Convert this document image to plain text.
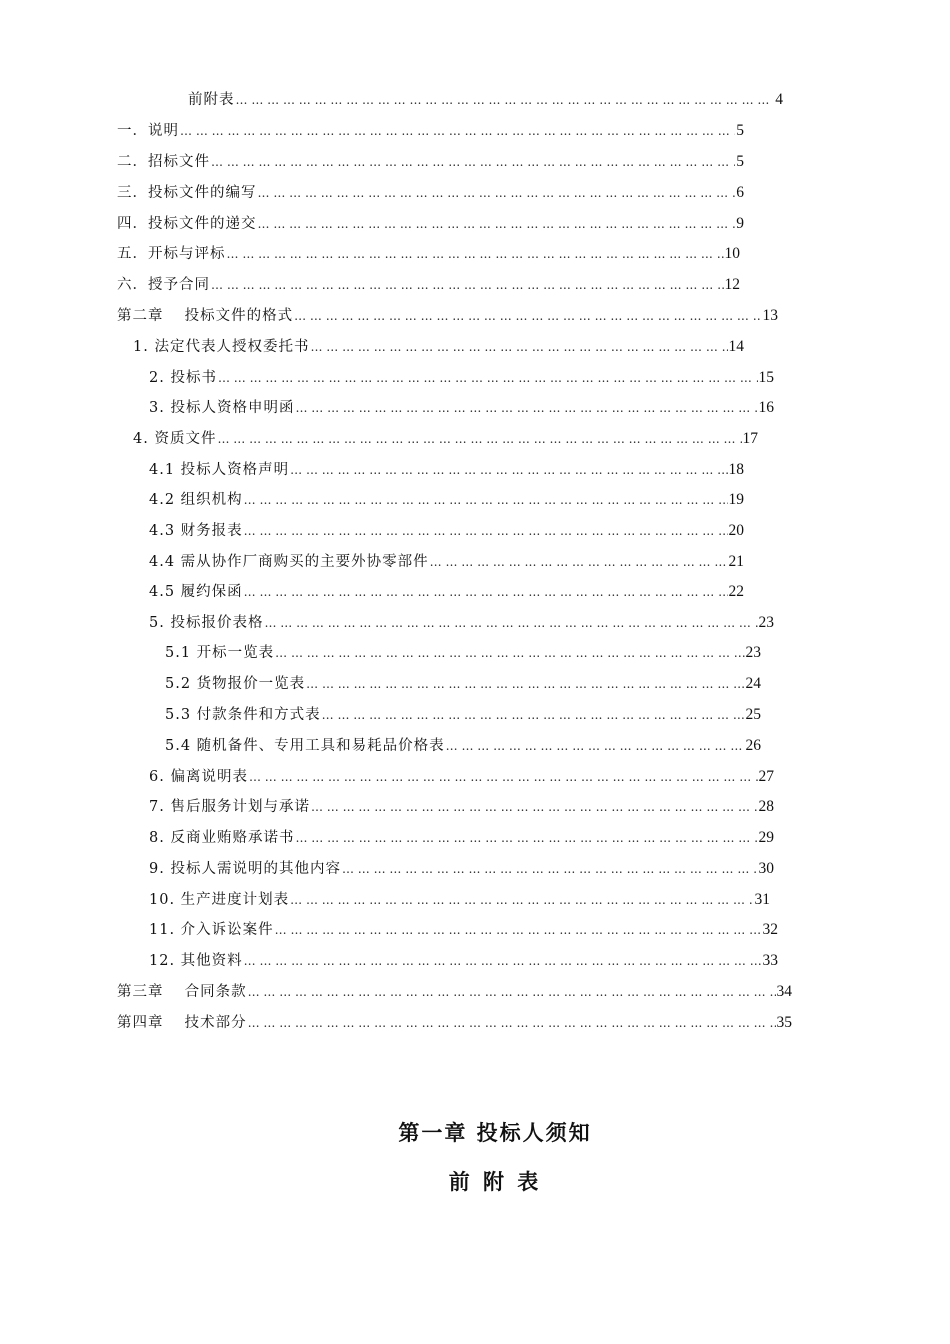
前附表 … … … … … … … … … … … … … … … … … … … … … … … … … … … … … … … … … … … … … … … … … … … … … … … … … … … … … … … … … … … … … … … … … … … … … … … … … … … … … … … … … … … … … … …	4
一．说明 … … … … … … … … … … … … … … … … … … … … … … … … … … … … … … … … … … … … … … … … … … … … … … … … … … … … … … … … … … … … … … … … … … … … … … … … … … … … … … … … … … … … … … …	5
二．招标文件 … … … … … … … … … … … … … … … … … … … … … … … … … … … … … … … … … … … … … … … … … … … … … … … … … … … … … … … … … … … … … … … … … … … … … … … … … … … … … … … … … … … … … … …	5
三．投标文件的编写 … … … … … … … … … … … … … … … … … … … … … … … … … … … … … … … … … … … … … … … … … … … … … … … … … … … … … … … … … … … … … … … … … … … … … … … … … … … … … … … … … … … … … … …	6
四．投标文件的递交 … … … … … … … … … … … … … … … … … … … … … … … … … … … … … … … … … … … … … … … … … … … … … … … … … … … … … … … … … … … … … … … … … … … … … … … … … … … … … … … … … … … … … … …	9
五．开标与评标 … … … … … … … … … … … … … … … … … … … … … … … … … … … … … … … … … … … … … … … … … … … … … … … … … … … … … … … … … … … … … … … … … … … … … … … … … … … … … … … … … … … … … … …	10
六．授予合同 … … … … … … … … … … … … … … … … … … … … … … … … … … … … … … … … … … … … … … … … … … … … … … … … … … … … … … … … … … … … … … … … … … … … … … … … … … … … … … … … … … … … … … …	12
第二章　 投标文件的格式 … … … … … … … … … … … … … … … … … … … … … … … … … … … … … … … … … … … … … … … … … … … … … … … … … … … … … … … … … … … … … … … … … … … … … … … … … … … … … … … … … … … … … … …	13
1. 法定代表人授权委托书 … … … … … … … … … … … … … … … … … … … … … … … … … … … … … … … … … … … … … … … … … … … … … … … … … … … … … … … … … … … … … … … … … … … … … … … … … … … … … … … … … … … … … … …	14
2. 投标书 … … … … … … … … … … … … … … … … … … … … … … … … … … … … … … … … … … … … … … … … … … … … … … … … … … … … … … … … … … … … … … … … … … … … … … … … … … … … … … … … … … … … … … …	15
3. 投标人资格申明函 … … … … … … … … … … … … … … … … … … … … … … … … … … … … … … … … … … … … … … … … … … … … … … … … … … … … … … … … … … … … … … … … … … … … … … … … … … … … … … … … … … … … … … …	16
4. 资质文件 … … … … … … … … … … … … … … … … … … … … … … … … … … … … … … … … … … … … … … … … … … … … … … … … … … … … … … … … … … … … … … … … … … … … … … … … … … … … … … … … … … … … … … …	17
4.1 投标人资格声明 … … … … … … … … … … … … … … … … … … … … … … … … … … … … … … … … … … … … … … … … … … … … … … … … … … … … … … … … … … … … … … … … … … … … … … … … … … … … … … … … … … … … … … …	18
4.2 组织机构 … … … … … … … … … … … … … … … … … … … … … … … … … … … … … … … … … … … … … … … … … … … … … … … … … … … … … … … … … … … … … … … … … … … … … … … … … … … … … … … … … … … … … … …	19
4.3 财务报表 … … … … … … … … … … … … … … … … … … … … … … … … … … … … … … … … … … … … … … … … … … … … … … … … … … … … … … … … … … … … … … … … … … … … … … … … … … … … … … … … … … … … … … …	20
4.4 需从协作厂商购买的主要外协零部件 … … … … … … … … … … … … … … … … … … … … … … … … … … … … … … … … … … … … … … … … … … … … … … … … … … … … … … … … … … … … … … … … … … … … … … … … … … … … … … … … … … … … … … …	21
4.5 履约保函 … … … … … … … … … … … … … … … … … … … … … … … … … … … … … … … … … … … … … … … … … … … … … … … … … … … … … … … … … … … … … … … … … … … … … … … … … … … … … … … … … … … … … … …	22
5. 投标报价表格 … … … … … … … … … … … … … … … … … … … … … … … … … … … … … … … … … … … … … … … … … … … … … … … … … … … … … … … … … … … … … … … … … … … … … … … … … … … … … … … … … … … … … … …	23
5.1 开标一览表 … … … … … … … … … … … … … … … … … … … … … … … … … … … … … … … … … … … … … … … … … … … … … … … … … … … … … … … … … … … … … … … … … … … … … … … … … … … … … … … … … … … … … … …	23
5.2 货物报价一览表 … … … … … … … … … … … … … … … … … … … … … … … … … … … … … … … … … … … … … … … … … … … … … … … … … … … … … … … … … … … … … … … … … … … … … … … … … … … … … … … … … … … … … … …	24
5.3 付款条件和方式表 … … … … … … … … … … … … … … … … … … … … … … … … … … … … … … … … … … … … … … … … … … … … … … … … … … … … … … … … … … … … … … … … … … … … … … … … … … … … … … … … … … … … … … …	25
5.4 随机备件、专用工具和易耗品价格表 … … … … … … … … … … … … … … … … … … … … … … … … … … … … … … … … … … … … … … … … … … … … … … … … … … … … … … … … … … … … … … … … … … … … … … … … … … … … … … … … … … … … … … …	26
6. 偏离说明表 … … … … … … … … … … … … … … … … … … … … … … … … … … … … … … … … … … … … … … … … … … … … … … … … … … … … … … … … … … … … … … … … … … … … … … … … … … … … … … … … … … … … … … …	27
7. 售后服务计划与承诺 … … … … … … … … … … … … … … … … … … … … … … … … … … … … … … … … … … … … … … … … … … … … … … … … … … … … … … … … … … … … … … … … … … … … … … … … … … … … … … … … … … … … … … …	28
8. 反商业贿赂承诺书 … … … … … … … … … … … … … … … … … … … … … … … … … … … … … … … … … … … … … … … … … … … … … … … … … … … … … … … … … … … … … … … … … … … … … … … … … … … … … … … … … … … … … … …	29
9. 投标人需说明的其他内容 … … … … … … … … … … … … … … … … … … … … … … … … … … … … … … … … … … … … … … … … … … … … … … … … … … … … … … … … … … … … … … … … … … … … … … … … … … … … … … … … … … … … … … …	30
10. 生产进度计划表 … … … … … … … … … … … … … … … … … … … … … … … … … … … … … … … … … … … … … … … … … … … … … … … … … … … … … … … … … … … … … … … … … … … … … … … … … … … … … … … … … … … … … … …	31
11. 介入诉讼案件 … … … … … … … … … … … … … … … … … … … … … … … … … … … … … … … … … … … … … … … … … … … … … … … … … … … … … … … … … … … … … … … … … … … … … … … … … … … … … … … … … … … … … … …	32
12. 其他资料 … … … … … … … … … … … … … … … … … … … … … … … … … … … … … … … … … … … … … … … … … … … … … … … … … … … … … … … … … … … … … … … … … … … … … … … … … … … … … … … … … … … … … … …	33
第三章　 合同条款 … … … … … … … … … … … … … … … … … … … … … … … … … … … … … … … … … … … … … … … … … … … … … … … … … … … … … … … … … … … … … … … … … … … … … … … … … … … … … … … … … … … … … … …	34
第四章　 技术部分 … … … … … … … … … … … … … … … … … … … … … … … … … … … … … … … … … … … … … … … … … … … … … … … … … … … … … … … … … … … … … … … … … … … … … … … … … … … … … … … … … … … … … … …	35
第一章 投标人须知
前 附 表
